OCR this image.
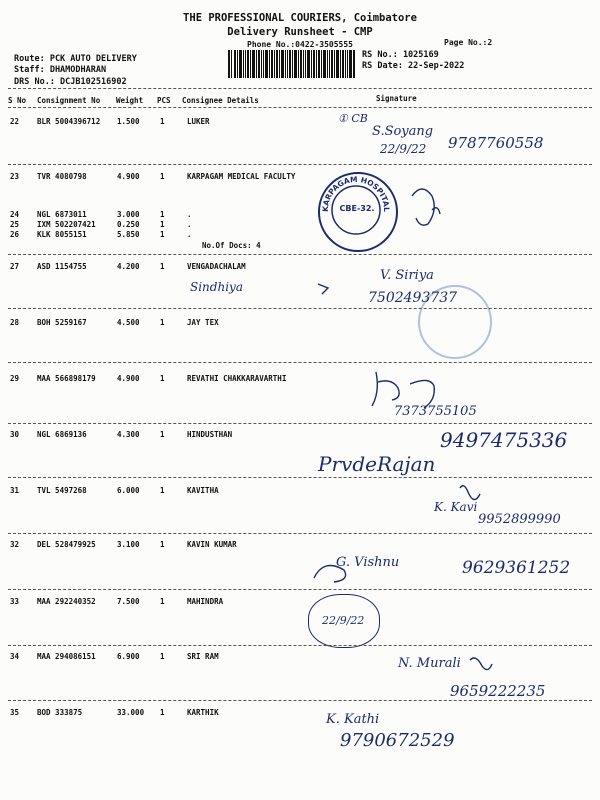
THE PROFESSIONAL COURIERS, Coimbatore
Delivery Runsheet - CMP
Phone No.:0422-3505555	Page No.:2
Route: PCK AUTO DELIVERY
Staff: DHAMODHARAN
DRS No.: DCJB102516902
RS No.: 1025169
RS Date: 22-Sep-2022
S No Consignment No Weight PCS Consignee Details	Signature
22 BLR 5004396712 1.500	1	LUKER
23 TVR 4080798	4.900	1	KARPAGAM MEDICAL FACULTY
24 NGL 6873011	3.000	1	.
25 IXM 502207421	0.250	1	.
26 KLK 8055151	5.850	1	.
27 ASD 1154755	4.200	1	VENGADACHALAM
28 BOH 5259167	4.500	1	JAY TEX
29 MAA 566898179	4.900	1	REVATHI CHAKKARAVARTHI
30 NGL 6869136	4.300	1	HINDUSTHAN
31 TVL 5497268	6.000	1	KAVITHA
32 DEL 528479925	3.100	1	KAVIN KUMAR
33 MAA 292240352	7.500	1	MAHINDRA
34 MAA 294086151	6.900	1	SRI RAM
35 BOD 333875	33.000 1	KARTHIK
No.Of Docs: 4
KARPAGAM HOSPITAL
CBE-32.
① CB
S.Soyang
22/9/22 9787760558
Sindhiya
V. Siriya
7502493737
7373755105
9497475336
PrvdeRajan
K. Kavi
9952899990
G. Vishnu	9629361252
22/9/22
N. Murali
9659222235
K. Kathi
9790672529
